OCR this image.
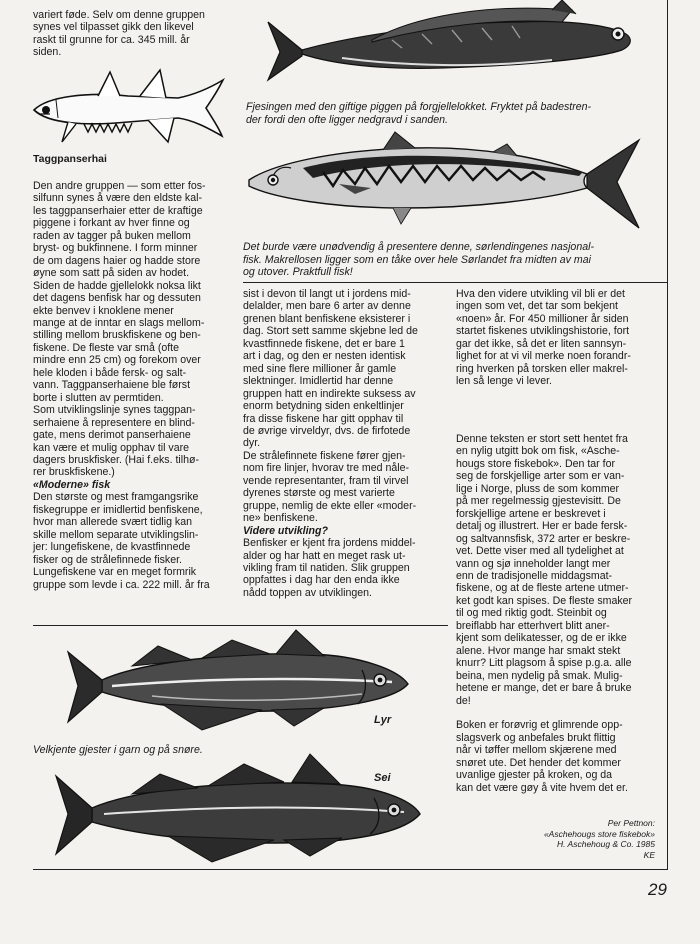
variert føde. Selv om denne gruppen

synes vel tilpasset gikk den likevel

raskt til grunne for ca. 345 mill. år

siden.

Taggpanserhai

Den andre gruppen — som etter fos-

silfunn synes å være den eldste kal-

les taggpanserhaier etter de kraftige

piggene i forkant av hver finne og

raden av tagger på buken mellom

bryst- og bukfinnene. I form minner

de om dagens haier og hadde store

øyne som satt på siden av hodet.

Siden de hadde gjellelokk noksa likt

det dagens benfisk har og dessuten

ekte benvev i knoklene mener

mange at de inntar en slags mellom-

stilling mellom bruskfiskene og ben-

fiskene. De fleste var små (ofte

mindre enn 25 cm) og forekom over

hele kloden i både fersk- og salt-

vann. Taggpanserhaiene ble først

borte i slutten av permtiden.

Som utviklingslinje synes taggpan-

serhaiene å representere en blind-

gate, mens derimot panserhaiene

kan være et mulig opphav til vare

dagers bruskfisker. (Hai f.eks. tilhø-

rer bruskfiskene.)

«Moderne» fisk

Den største og mest framgangsrike

fiskegruppe er imidlertid benfiskene,

hvor man allerede svært tidlig kan

skille mellom separate utviklingslin-

jer: lungefiskene, de kvastfinnede

fisker og de strålefinnede fisker.

Lungefiskene var en meget formrik

gruppe som levde i ca. 222 mill. år fra

Fjesingen med den giftige piggen på forgjellelokket. Fryktet på badestren-

der fordi den ofte ligger nedgravd i sanden.

Det burde være unødvendig å presentere denne, sørlendingenes nasjonal-

fisk. Makrellosen ligger som en tåke over hele Sørlandet fra midten av mai

og utover. Praktfull fisk!

sist i devon til langt ut i jordens mid-

delalder, men bare 6 arter av denne

grenen blant benfiskene eksisterer i

dag. Stort sett samme skjebne led de

kvastfinnede fiskene, det er bare 1

art i dag, og den er nesten identisk

med sine flere millioner år gamle

slektninger. Imidlertid har denne

gruppen hatt en indirekte suksess av

enorm betydning siden enkeltlinjer

fra disse fiskene har gitt opphav til

de øvrige virveldyr, dvs. de firfotede

dyr.

De strålefinnete fiskene fører gjen-

nom fire linjer, hvorav tre med nåle-

vende representanter, fram til virvel

dyrenes største og mest varierte

gruppe, nemlig de ekte eller «moder-

ne» benfiskene.

Videre utvikling?

Benfisker er kjent fra jordens middel-

alder og har hatt en meget rask ut-

vikling fram til natiden. Slik gruppen

oppfattes i dag har den enda ikke

nådd toppen av utviklingen.

Hva den videre utvikling vil bli er det

ingen som vet, det tar som bekjent

«noen» år. For 450 millioner år siden

startet fiskenes utviklingshistorie, fort

gar det ikke, så det er liten sannsyn-

lighet for at vi vil merke noen forandr-

ring hverken på torsken eller makrel-

len så lenge vi lever.

Denne teksten er stort sett hentet fra

en nylig utgitt bok om fisk, «Asche-

hougs store fiskebok». Den tar for

seg de forskjellige arter som er van-

lige i Norge, pluss de som kommer

på mer regelmessig gjestevisitt. De

forskjellige artene er beskrevet i

detalj og illustrert. Her er bade fersk-

og saltvannsfisk, 372 arter er beskre-

vet. Dette viser med all tydelighet at

vann og sjø inneholder langt mer

enn de tradisjonelle middagsmat-

fiskene, og at de fleste artene utmer-

ket godt kan spises. De fleste smaker

til og med riktig godt. Steinbit og

breiflabb har etterhvert blitt aner-

kjent som delikatesser, og de er ikke

alene. Hvor mange har smakt stekt

knurr? Litt plagsom å spise p.g.a. alle

beina, men nydelig på smak. Mulig-

hetene er mange, det er bare å bruke

de!

Boken er forøvrig et glimrende opp-

slagsverk og anbefales brukt flittig

når vi tøffer mellom skjærene med

snøret ute. Det hender det kommer

uvanlige gjester på kroken, og da

kan det være gøy å vite hvem det er.

Per Pettnon:

«Aschehougs store fiskebok»

H. Aschehoug & Co. 1985

KE

Lyr

Velkjente gjester i garn og på snøre.

Sei
29
